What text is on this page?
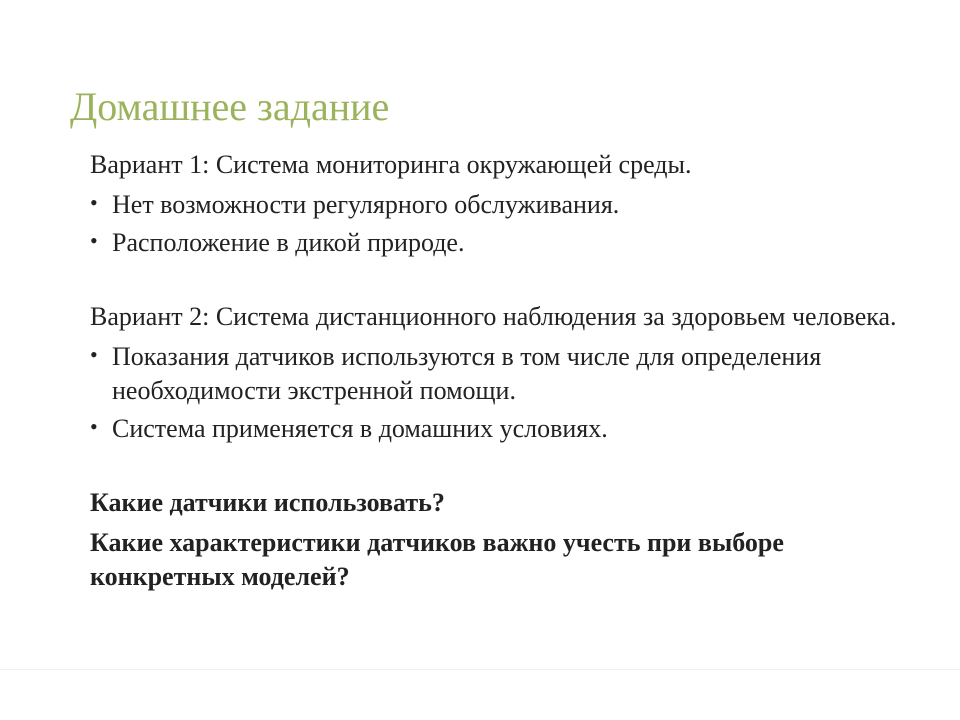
Домашнее задание

Вариант 1: Система мониторинга окружающей среды.

• Нет возможности регулярного обслуживания.
• Расположение в дикой природе.

Вариант 2: Система дистанционного наблюдения за здоровьем человека.

• Показания датчиков используются в том числе для определения необходимости экстренной помощи.
• Система применяется в домашних условиях.

Какие датчики использовать?

Какие характеристики датчиков важно учесть при выборе конкретных моделей?
